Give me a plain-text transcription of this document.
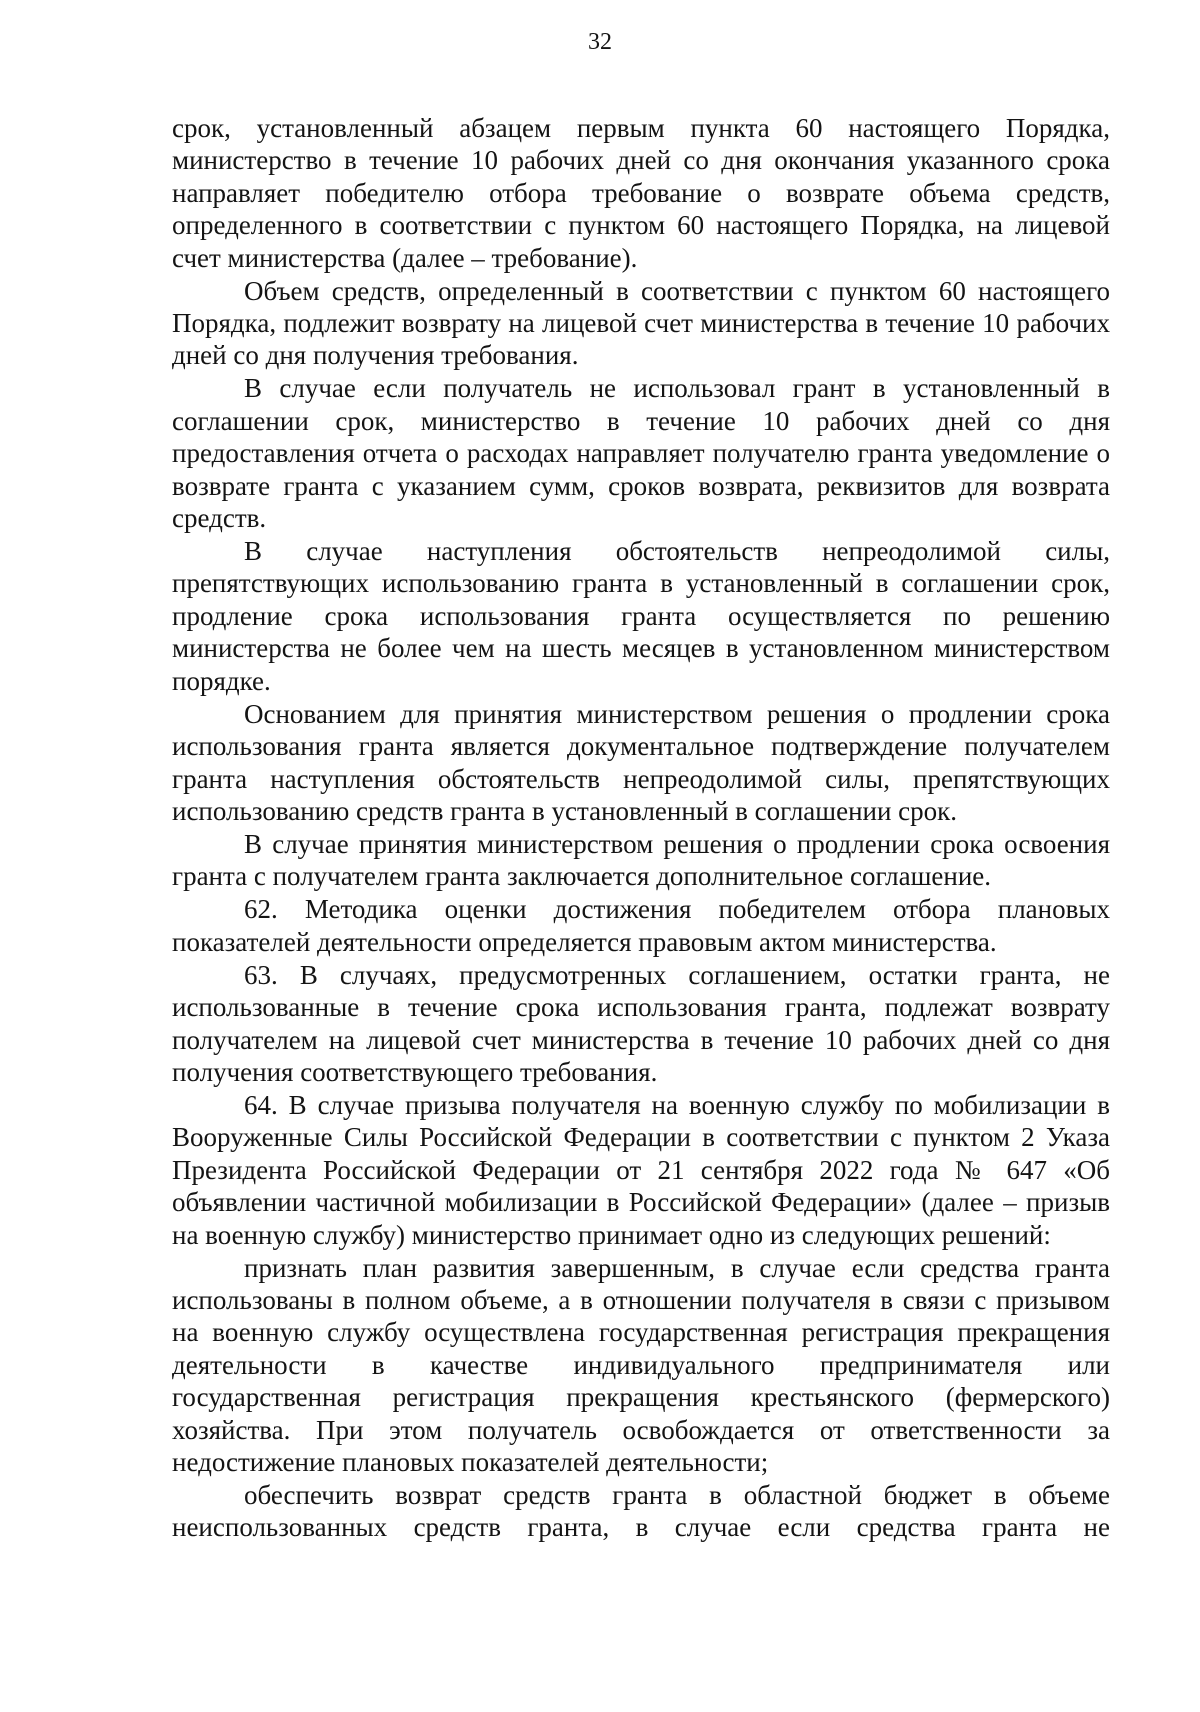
32

срок, установленный абзацем первым пункта 60 настоящего Порядка, министерство в течение 10 рабочих дней со дня окончания указанного срока направляет победителю отбора требование о возврате объема средств, определенного в соответствии с пунктом 60 настоящего Порядка, на лицевой счет министерства (далее – требование).

Объем средств, определенный в соответствии с пунктом 60 настоящего Порядка, подлежит возврату на лицевой счет министерства в течение 10 рабочих дней со дня получения требования.

В случае если получатель не использовал грант в установленный в соглашении срок, министерство в течение 10 рабочих дней со дня предоставления отчета о расходах направляет получателю гранта уведомление о возврате гранта с указанием сумм, сроков возврата, реквизитов для возврата средств.

В случае наступления обстоятельств непреодолимой силы, препятствующих использованию гранта в установленный в соглашении срок, продление срока использования гранта осуществляется по решению министерства не более чем на шесть месяцев в установленном министерством порядке.

Основанием для принятия министерством решения о продлении срока использования гранта является документальное подтверждение получателем гранта наступления обстоятельств непреодолимой силы, препятствующих использованию средств гранта в установленный в соглашении срок.

В случае принятия министерством решения о продлении срока освоения гранта с получателем гранта заключается дополнительное соглашение.

62. Методика оценки достижения победителем отбора плановых показателей деятельности определяется правовым актом министерства.

63. В случаях, предусмотренных соглашением, остатки гранта, не использованные в течение срока использования гранта, подлежат возврату получателем на лицевой счет министерства в течение 10 рабочих дней со дня получения соответствующего требования.

64. В случае призыва получателя на военную службу по мобилизации в Вооруженные Силы Российской Федерации в соответствии с пунктом 2 Указа Президента Российской Федерации от 21 сентября 2022 года № 647 «Об объявлении частичной мобилизации в Российской Федерации» (далее – призыв на военную службу) министерство принимает одно из следующих решений:

признать план развития завершенным, в случае если средства гранта использованы в полном объеме, а в отношении получателя в связи с призывом на военную службу осуществлена государственная регистрация прекращения деятельности в качестве индивидуального предпринимателя или государственная регистрация прекращения крестьянского (фермерского) хозяйства. При этом получатель освобождается от ответственности за недостижение плановых показателей деятельности;

обеспечить возврат средств гранта в областной бюджет в объеме неиспользованных средств гранта, в случае если средства гранта не
